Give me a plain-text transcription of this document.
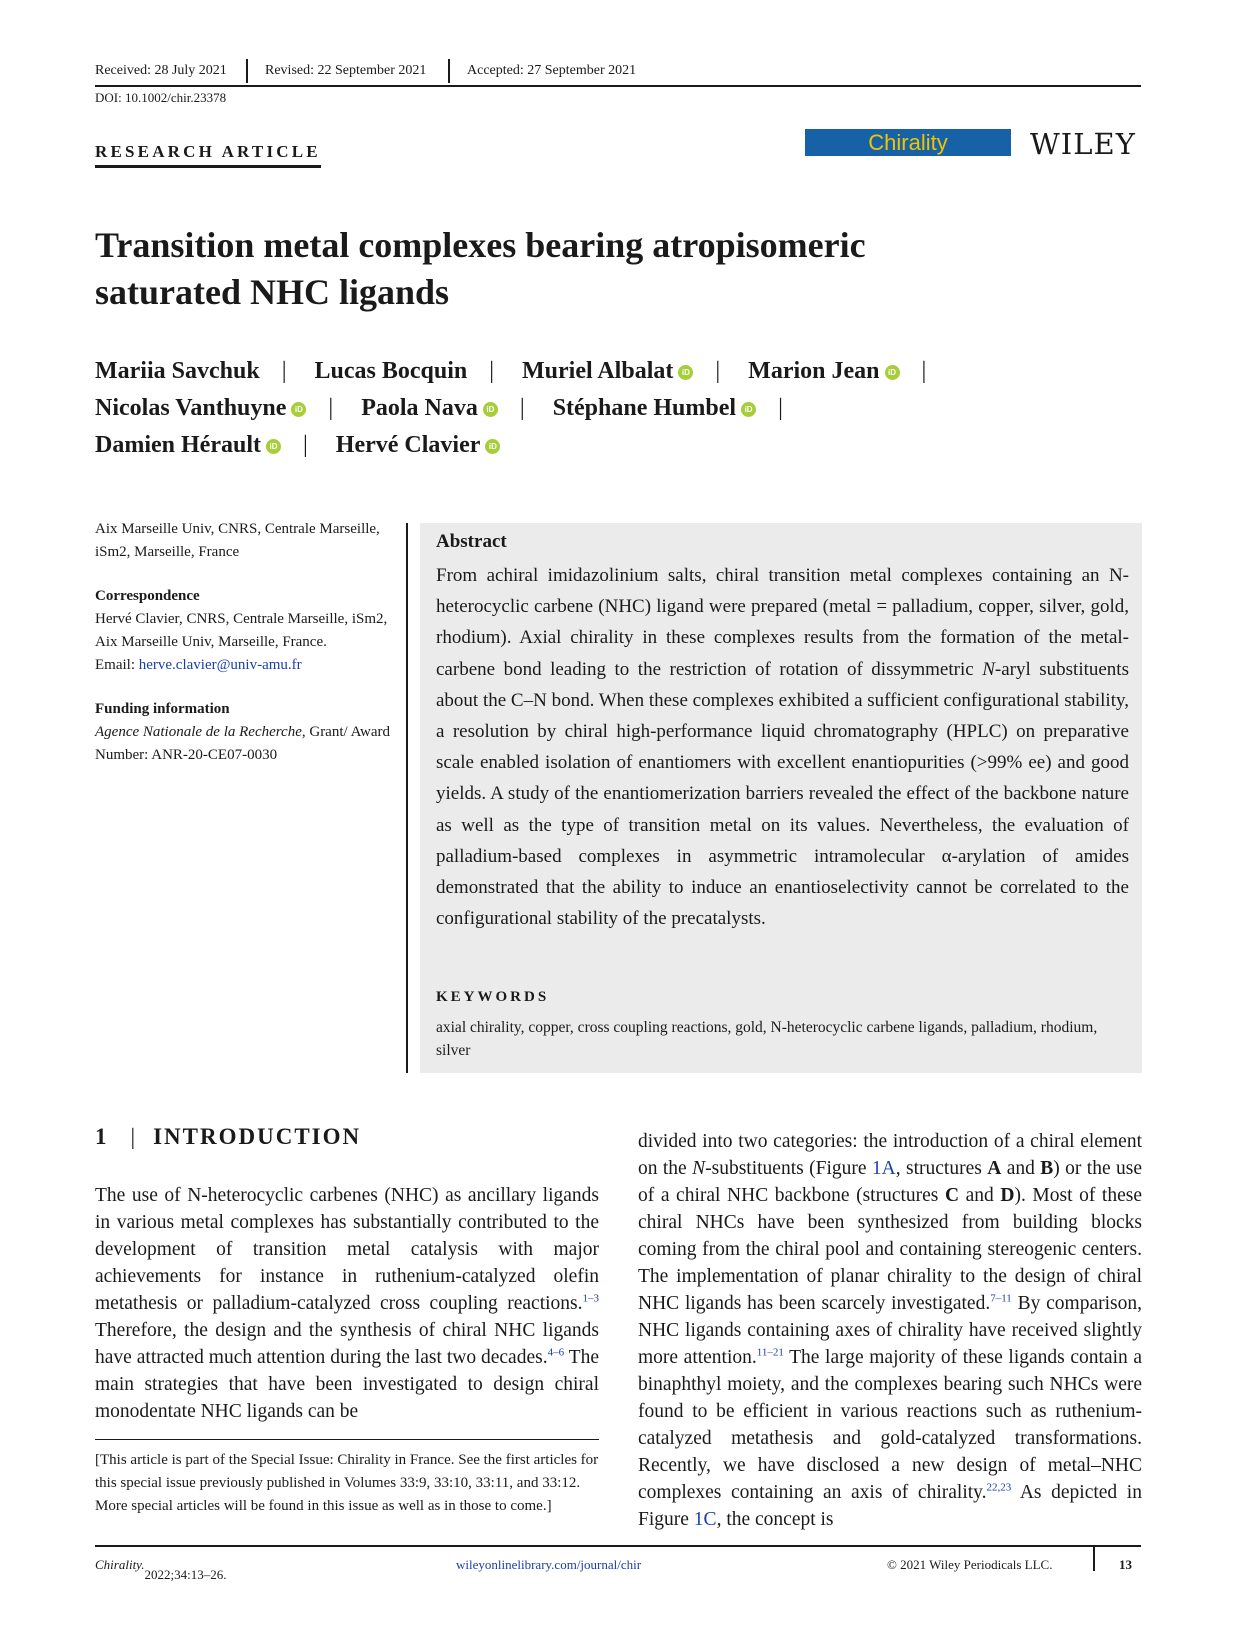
Received: 28 July 2021	Revised: 22 September 2021	Accepted: 27 September 2021
DOI: 10.1002/chir.23378
RESEARCH ARTICLE	Chirality	WILEY
Transition metal complexes bearing atropisomeric
saturated NHC ligands
Mariia Savchuk | Lucas Bocquin | Muriel Albalat iD | Marion Jean iD |
Nicolas Vanthuyne iD | Paola Nava iD | Stéphane Humbel iD |
Damien Hérault iD | Hervé Clavier iD

Aix Marseille Univ, CNRS, Centrale Marseille, iSm2, Marseille, France

Correspondence

Hervé Clavier, CNRS, Centrale Marseille, iSm2, Aix Marseille Univ, Marseille, France.

Email: herve.clavier@univ-amu.fr

Funding information

Agence Nationale de la Recherche, Grant/ Award Number: ANR-20-CE07-0030

Abstract
From achiral imidazolinium salts, chiral transition metal complexes containing an N-heterocyclic carbene (NHC) ligand were prepared (metal = palladium, copper, silver, gold, rhodium). Axial chirality in these complexes results from the formation of the metal-carbene bond leading to the restriction of rotation of dissymmetric N-aryl substituents about the C–N bond. When these complexes exhibited a sufficient configurational stability, a resolution by chiral high-performance liquid chromatography (HPLC) on preparative scale enabled isolation of enantiomers with excellent enantiopurities (>99% ee) and good yields. A study of the enantiomerization barriers revealed the effect of the backbone nature as well as the type of transition metal on its values. Nevertheless, the evaluation of palladium-based complexes in asymmetric intramolecular α-arylation of amides demonstrated that the ability to induce an enantioselectivity cannot be correlated to the configurational stability of the precatalysts.
KEYWORDS
axial chirality, copper, cross coupling reactions, gold, N-heterocyclic carbene ligands, palladium, rhodium, silver
1 | INTRODUCTION
The use of N-heterocyclic carbenes (NHC) as ancillary ligands in various metal complexes has substantially contributed to the development of transition metal catalysis with major achievements for instance in ruthenium-catalyzed olefin metathesis or palladium-catalyzed cross coupling reactions.$^{1-3}$ Therefore, the design and the synthesis of chiral NHC ligands have attracted much attention during the last two decades.$^{4-6}$ The main strategies that have been investigated to design chiral monodentate NHC ligands can be
[This article is part of the Special Issue: Chirality in France. See the first articles for this special issue previously published in Volumes 33:9, 33:10, 33:11, and 33:12. More special articles will be found in this issue as well as in those to come.]
divided into two categories: the introduction of a chiral element on the N-substituents (Figure 1A, structures A and B) or the use of a chiral NHC backbone (structures C and D). Most of these chiral NHCs have been synthesized from building blocks coming from the chiral pool and containing stereogenic centers. The implementation of planar chirality to the design of chiral NHC ligands has been scarcely investigated.$^{7-11}$ By comparison, NHC ligands containing axes of chirality have received slightly more attention.$^{11-21}$ The large majority of these ligands contain a binaphthyl moiety, and the complexes bearing such NHCs were found to be efficient in various reactions such as ruthenium-catalyzed metathesis and gold-catalyzed transformations. Recently, we have disclosed a new design of metal–NHC complexes containing an axis of chirality.$^{22,23}$ As depicted in Figure 1C, the concept is
Chirality.
2022;34:13–26.
wileyonlinelibrary.com/journal/chir	© 2021 Wiley Periodicals LLC.	13
